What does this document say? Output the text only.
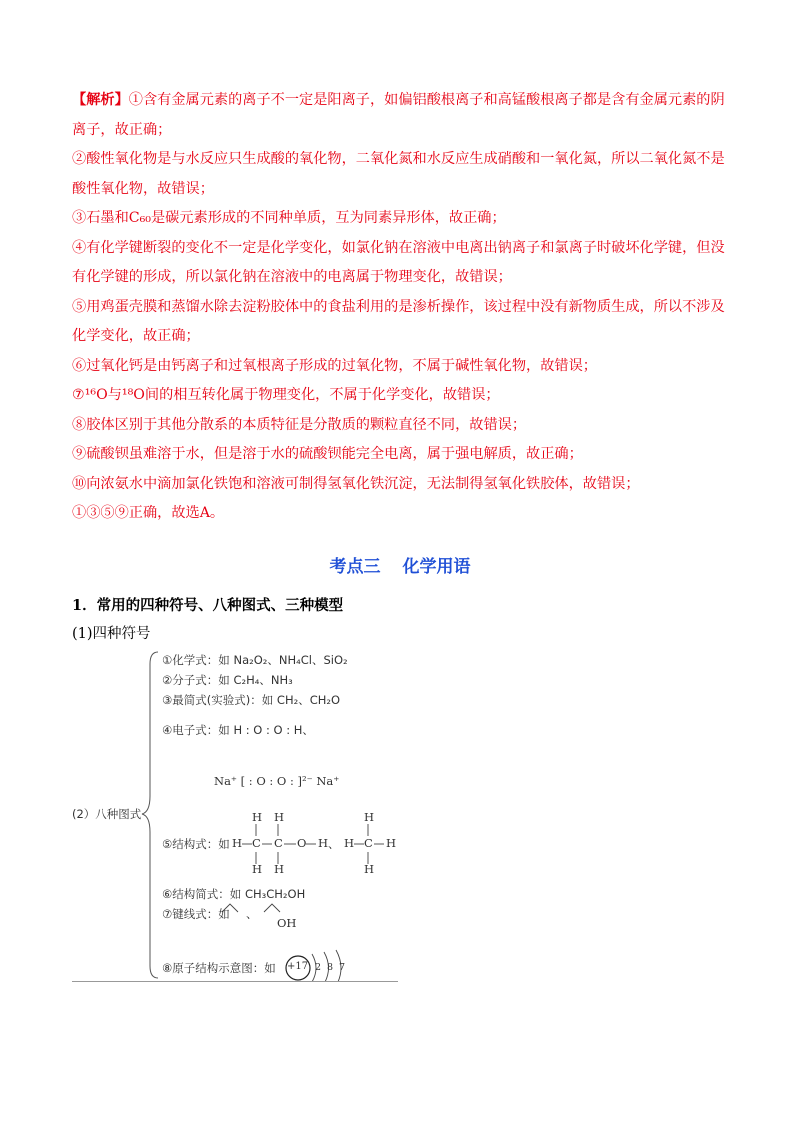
【解析】①含有金属元素的离子不一定是阳离子，如偏铝酸根离子和高锰酸根离子都是含有金属元素的阴

离子，故正确；

②酸性氧化物是与水反应只生成酸的氧化物，二氧化氮和水反应生成硝酸和一氧化氮，所以二氧化氮不是

酸性氧化物，故错误；

③石墨和C₆₀是碳元素形成的不同种单质，互为同素异形体，故正确；

④有化学键断裂的变化不一定是化学变化，如氯化钠在溶液中电离出钠离子和氯离子时破坏化学键，但没

有化学键的形成，所以氯化钠在溶液中的电离属于物理变化，故错误；

⑤用鸡蛋壳膜和蒸馏水除去淀粉胶体中的食盐利用的是渗析操作，该过程中没有新物质生成，所以不涉及

化学变化，故正确；

⑥过氧化钙是由钙离子和过氧根离子形成的过氧化物，不属于碱性氧化物，故错误；

⑦¹⁶O与¹⁸O间的相互转化属于物理变化，不属于化学变化，故错误；

⑧胶体区别于其他分散系的本质特征是分散质的颗粒直径不同，故错误；

⑨硫酸钡虽难溶于水，但是溶于水的硫酸钡能完全电离，属于强电解质，故正确；

⑩向浓氨水中滴加氯化铁饱和溶液可制得氢氧化铁沉淀，无法制得氢氧化铁胶体，故错误；

①③⑤⑨正确，故选A。

考点三 化学用语
1．常用的四种符号、八种图式、三种模型
(1)四种符号
①化学式：如 Na₂O₂、NH₄Cl、SiO₂
②分子式：如 C₂H₄、NH₃
③最简式(实验式)：如 CH₂、CH₂O
④电子式：如 H : O : O : H、
Na⁺ [ : O : O : ]²⁻ Na⁺
(2）八种图式
⑤结构式：如
H H
H C C O H 、
H H
H
H C H
H
⑥结构简式：如 CH₃CH₂OH
⑦键线式：如 、
OH
⑧原子结构示意图：如 +17 2 8 7
